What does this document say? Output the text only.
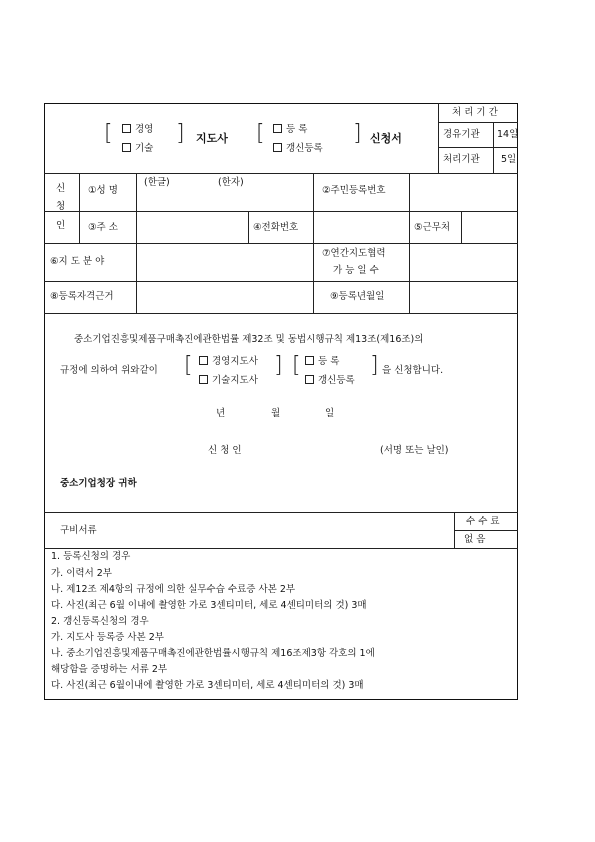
처 리 기 간
경유기관 14일
처리기관 5일
[	경영
기술
] 지도사 [	등 록
갱신등록
] 신청서
신
청
인
①성 명
(한글)	(한자)
②주민등록번호
③주 소	④전화번호	⑤근무처
⑥지 도 분 야
⑦연간지도협력
가 능 일 수
⑧등록자격근거	⑨등록년월일
중소기업진흥및제품구매촉진에관한법률 제32조 및 동법시행규칙 제13조(제16조)의
규정에 의하여 위와같이 [	경영지도사
기술지도사
] [	등 록
갱신등록
] 을 신청합니다.
년	월	일
신 청 인	(서명 또는 날인)
중소기업청장 귀하
구비서류
수 수 료
없 음
1. 등록신청의 경우
가. 이력서 2부
나. 제12조 제4항의 규정에 의한 실무수습 수료증 사본 2부
다. 사진(최근 6월 이내에 촬영한 가로 3센티미터, 세로 4센티미터의 것) 3매
2. 갱신등록신청의 경우
가. 지도사 등록증 사본 2부
나. 중소기업진흥및제품구매촉진에관한법률시행규칙 제16조제3항 각호의 1에
해당함을 증명하는 서류 2부
다. 사진(최근 6월이내에 촬영한 가로 3센티미터, 세로 4센티미터의 것) 3매
